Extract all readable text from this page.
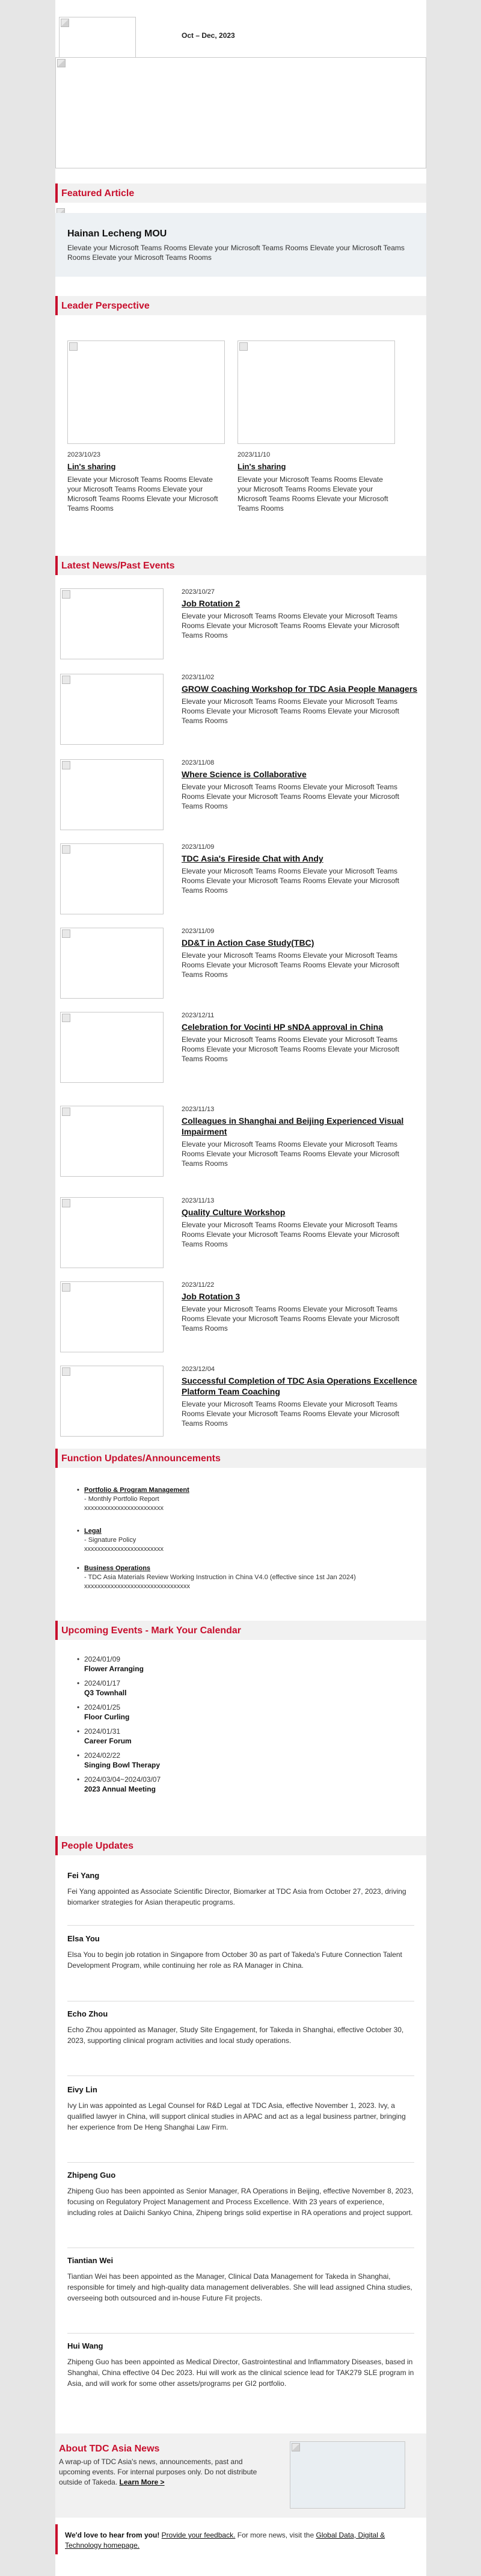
Oct – Dec, 2023
Featured Article
Hainan Lecheng MOU
Elevate your Microsoft Teams Rooms Elevate your Microsoft Teams Rooms Elevate your Microsoft Teams Rooms Elevate your Microsoft Teams Rooms
Leader Perspective
2023/10/23
Lin's sharing
Elevate your Microsoft Teams Rooms Elevate your Microsoft Teams Rooms Elevate your Microsoft Teams Rooms Elevate your Microsoft Teams Rooms
2023/11/10
Lin's sharing
Elevate your Microsoft Teams Rooms Elevate your Microsoft Teams Rooms Elevate your Microsoft Teams Rooms Elevate your Microsoft Teams Rooms
Latest News/Past Events
2023/10/27
Job Rotation 2
Elevate your Microsoft Teams Rooms Elevate your Microsoft Teams Rooms Elevate your Microsoft Teams Rooms Elevate your Microsoft Teams Rooms
2023/11/02
GROW Coaching Workshop for TDC Asia People Managers
Elevate your Microsoft Teams Rooms Elevate your Microsoft Teams Rooms Elevate your Microsoft Teams Rooms Elevate your Microsoft Teams Rooms
2023/11/08
Where Science is Collaborative
Elevate your Microsoft Teams Rooms Elevate your Microsoft Teams Rooms Elevate your Microsoft Teams Rooms Elevate your Microsoft Teams Rooms
2023/11/09
TDC Asia's Fireside Chat with Andy
Elevate your Microsoft Teams Rooms Elevate your Microsoft Teams Rooms Elevate your Microsoft Teams Rooms Elevate your Microsoft Teams Rooms
2023/11/09
DD&T in Action Case Study(TBC)
Elevate your Microsoft Teams Rooms Elevate your Microsoft Teams Rooms Elevate your Microsoft Teams Rooms Elevate your Microsoft Teams Rooms
2023/12/11
Celebration for Vocinti HP sNDA approval in China
Elevate your Microsoft Teams Rooms Elevate your Microsoft Teams Rooms Elevate your Microsoft Teams Rooms Elevate your Microsoft Teams Rooms
2023/11/13
Colleagues in Shanghai and Beijing Experienced Visual Impairment
Elevate your Microsoft Teams Rooms Elevate your Microsoft Teams Rooms Elevate your Microsoft Teams Rooms Elevate your Microsoft Teams Rooms
2023/11/13
Quality Culture Workshop
Elevate your Microsoft Teams Rooms Elevate your Microsoft Teams Rooms Elevate your Microsoft Teams Rooms Elevate your Microsoft Teams Rooms
2023/11/22
Job Rotation 3
Elevate your Microsoft Teams Rooms Elevate your Microsoft Teams Rooms Elevate your Microsoft Teams Rooms Elevate your Microsoft Teams Rooms
2023/12/04
Successful Completion of TDC Asia Operations Excellence Platform Team Coaching
Elevate your Microsoft Teams Rooms Elevate your Microsoft Teams Rooms Elevate your Microsoft Teams Rooms Elevate your Microsoft Teams Rooms
Function Updates/Announcements
• Portfolio & Program Management
- Monthly Portfolio Report
xxxxxxxxxxxxxxxxxxxxxxxx
• Legal
- Signature Policy
xxxxxxxxxxxxxxxxxxxxxxxx
• Business Operations
- TDC Asia Materials Review Working Instruction in China V4.0 (effective since 1st Jan 2024)
xxxxxxxxxxxxxxxxxxxxxxxxxxxxxxxx
Upcoming Events - Mark Your Calendar
• 2024/01/09
Flower Arranging
• 2024/01/17
Q3 Townhall
• 2024/01/25
Floor Curling
• 2024/01/31
Career Forum
• 2024/02/22
Singing Bowl Therapy
• 2024/03/04~2024/03/07
2023 Annual Meeting
People Updates
Fei Yang
Fei Yang appointed as Associate Scientific Director, Biomarker at TDC Asia from October 27, 2023, driving biomarker strategies for Asian therapeutic programs.
Elsa You
Elsa You to begin job rotation in Singapore from October 30 as part of Takeda's Future Connection Talent Development Program, while continuing her role as RA Manager in China.
Echo Zhou
Echo Zhou appointed as Manager, Study Site Engagement, for Takeda in Shanghai, effective October 30, 2023, supporting clinical program activities and local study operations.
Eivy Lin
Ivy Lin was appointed as Legal Counsel for R&D Legal at TDC Asia, effective November 1, 2023. Ivy, a qualified lawyer in China, will support clinical studies in APAC and act as a legal business partner, bringing her experience from De Heng Shanghai Law Firm.
Zhipeng Guo
Zhipeng Guo has been appointed as Senior Manager, RA Operations in Beijing, effective November 8, 2023, focusing on Regulatory Project Management and Process Excellence. With 23 years of experience, including roles at Daiichi Sankyo China, Zhipeng brings solid expertise in RA operations and project support.
Tiantian Wei
Tiantian Wei has been appointed as the Manager, Clinical Data Management for Takeda in Shanghai, responsible for timely and high-quality data management deliverables. She will lead assigned China studies, overseeing both outsourced and in-house Future Fit projects.
Hui Wang
Zhipeng Guo has been appointed as Medical Director, Gastrointestinal and Inflammatory Diseases, based in Shanghai, China effective 04 Dec 2023. Hui will work as the clinical science lead for TAK279 SLE program in Asia, and will work for some other assets/programs per GI2 portfolio.
About TDC Asia News
A wrap-up of TDC Asia's news, announcements, past and upcoming events. For internal purposes only. Do not distribute outside of Takeda. Learn More >
We'd love to hear from you! Provide your feedback. For more news, visit the Global Data, Digital & Technology homepage.
